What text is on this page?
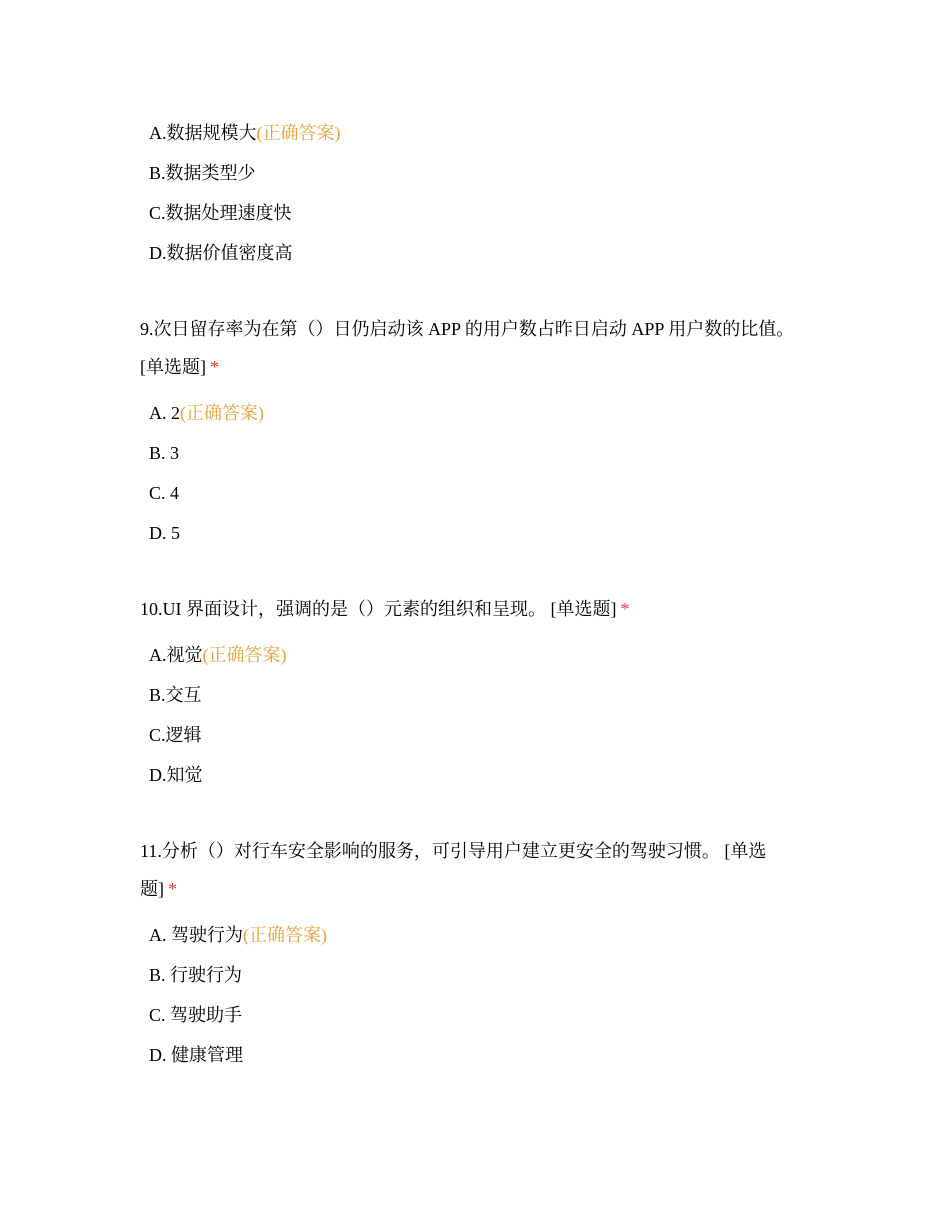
A.数据规模大(正确答案)
B.数据类型少
C.数据处理速度快
D.数据价值密度高
9.次日留存率为在第（）日仍启动该 APP 的用户数占昨日启动 APP 用户数的比值。 [单选题] *
A. 2(正确答案)
B. 3
C. 4
D. 5
10.UI 界面设计，强调的是（）元素的组织和呈现。 [单选题] *
A.视觉(正确答案)
B.交互
C.逻辑
D.知觉
11.分析（）对行车安全影响的服务，可引导用户建立更安全的驾驶习惯。 [单选题] *
A. 驾驶行为(正确答案)
B. 行驶行为
C. 驾驶助手
D. 健康管理
